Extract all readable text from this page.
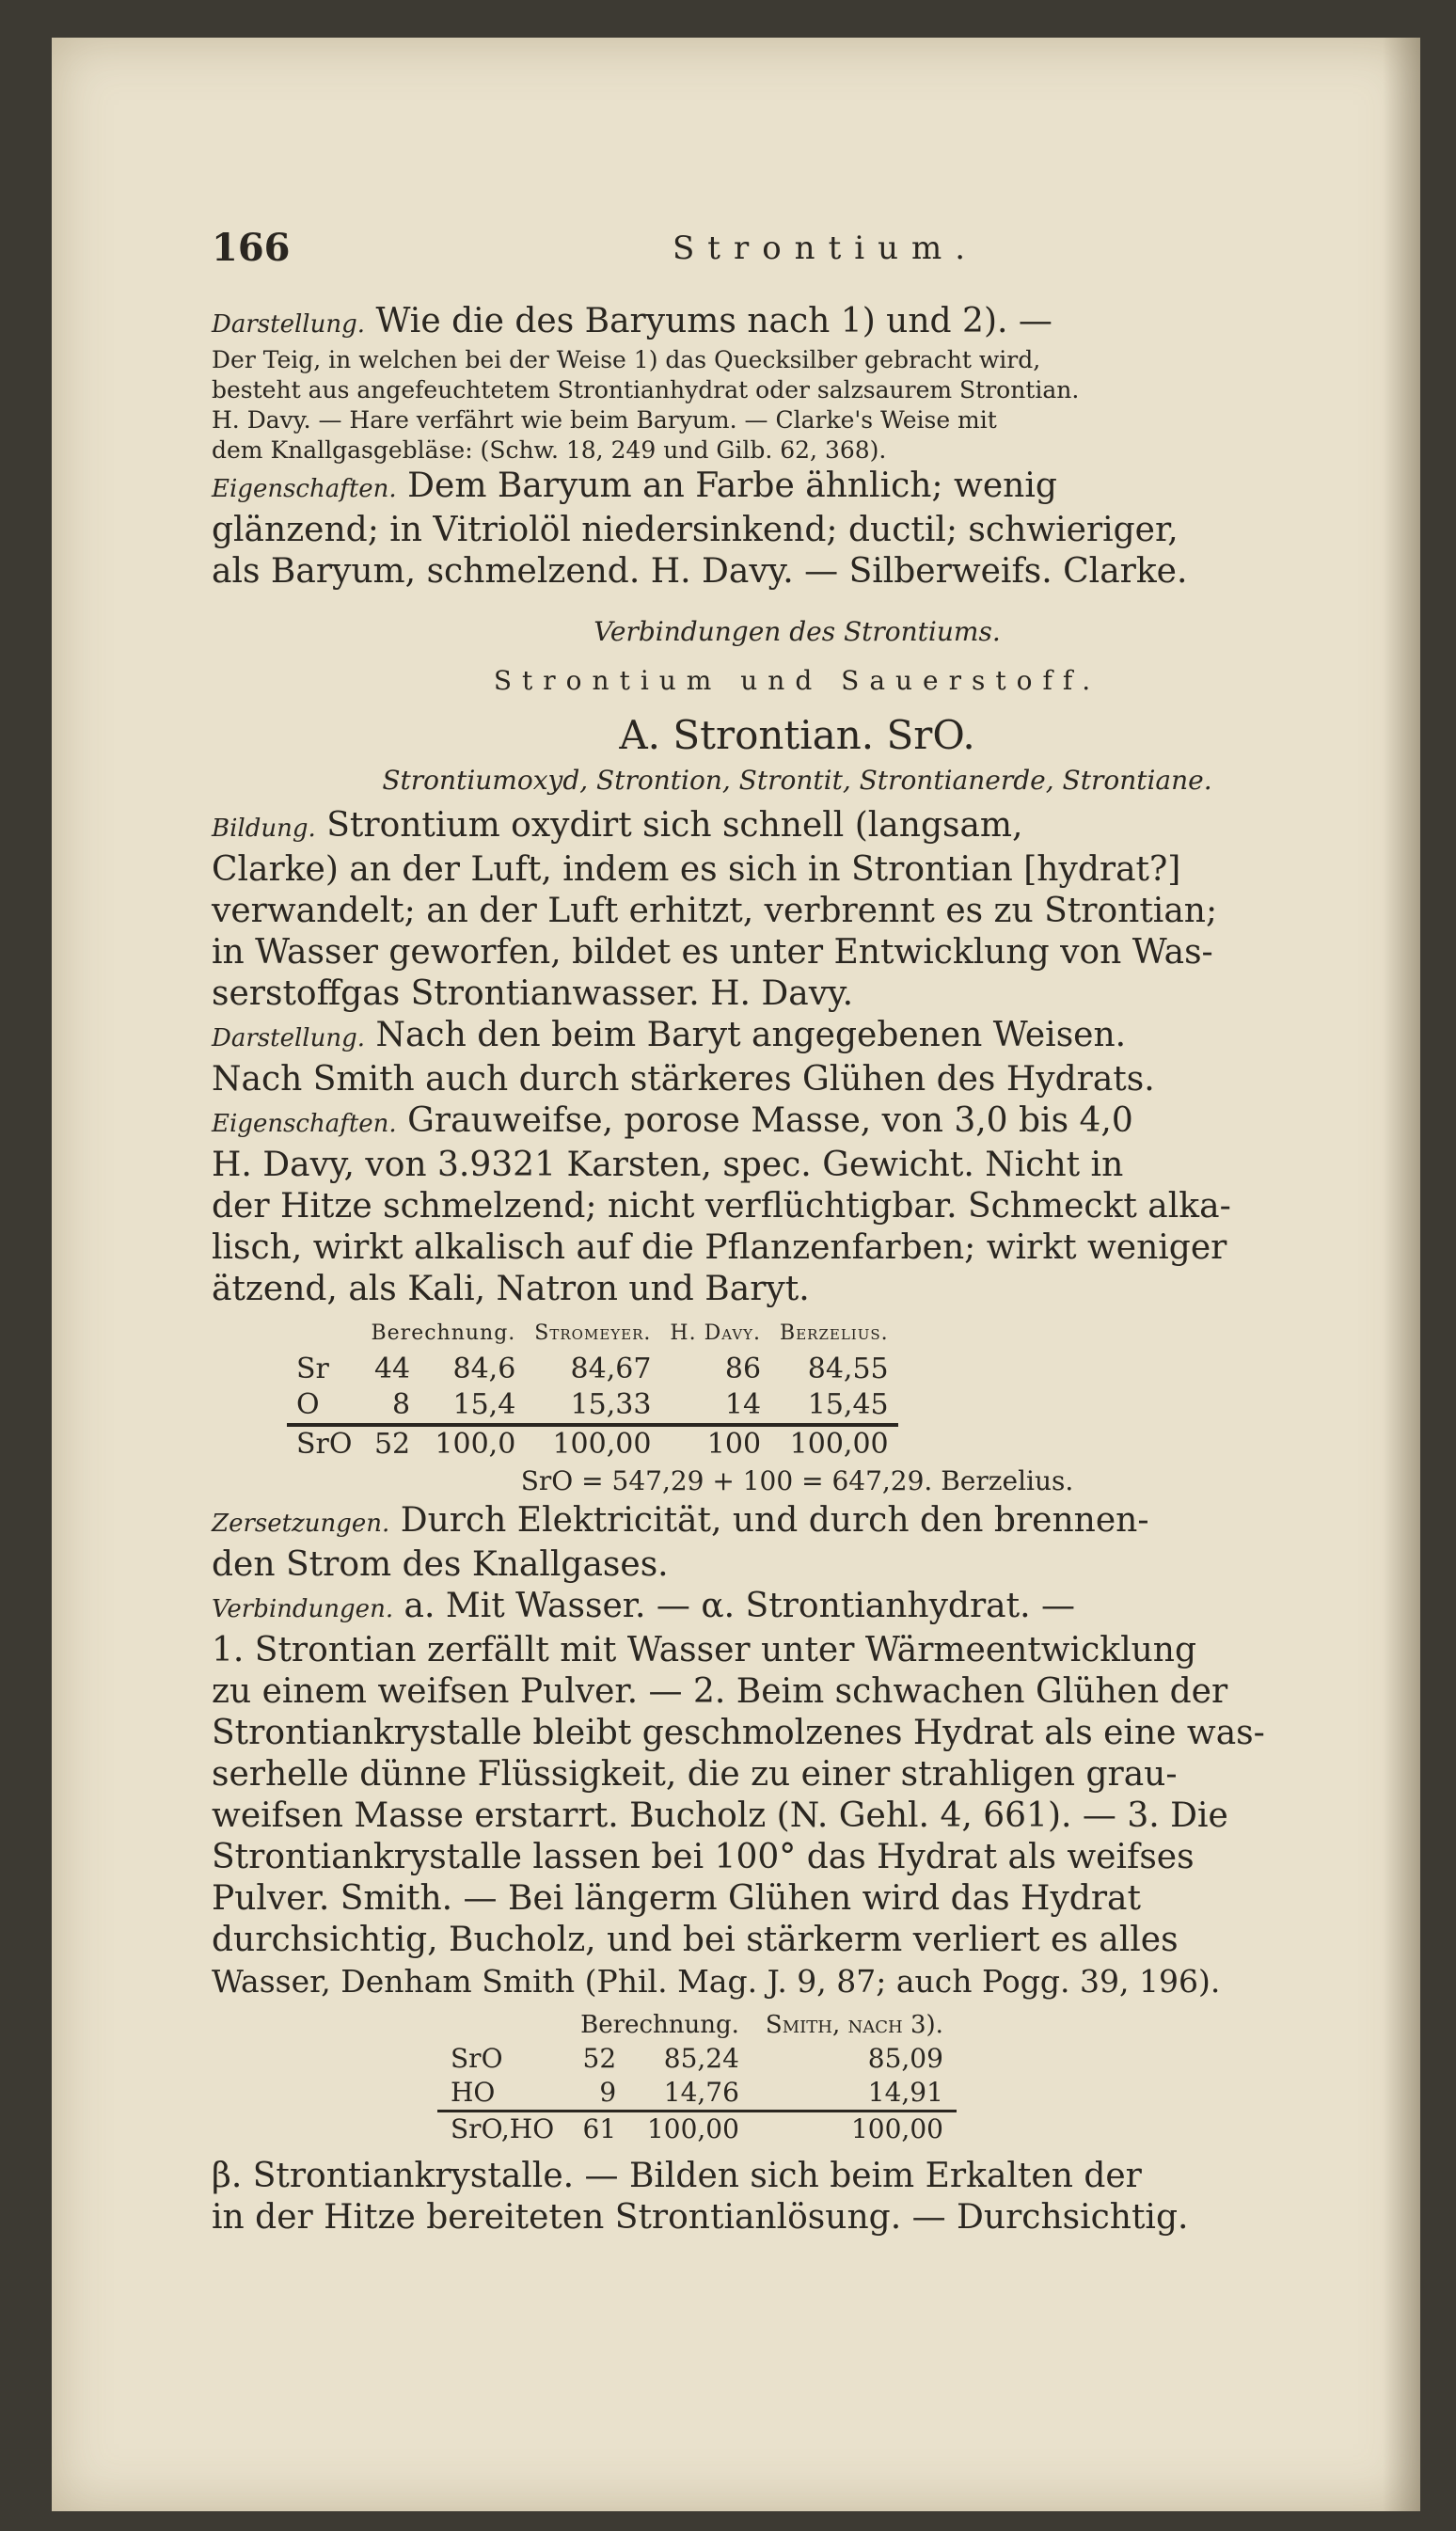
166	Strontium.
Darstellung. Wie die des Baryums nach 1) und 2). —
Der Teig, in welchen bei der Weise 1) das Quecksilber gebracht wird,
besteht aus angefeuchtetem Strontianhydrat oder salzsaurem Strontian.
H. Davy. — Hare verfährt wie beim Baryum. — Clarke's Weise mit
dem Knallgasgebläse: (Schw. 18, 249 und Gilb. 62, 368).
Eigenschaften. Dem Baryum an Farbe ähnlich; wenig
glänzend; in Vitriolöl niedersinkend; ductil; schwieriger,
als Baryum, schmelzend. H. Davy. — Silberweifs. Clarke.
Verbindungen des Strontiums.
Strontium und Sauerstoff.
A. Strontian. SrO.
Strontiumoxyd, Strontion, Strontit, Strontianerde, Strontiane.
Bildung. Strontium oxydirt sich schnell (langsam,
Clarke) an der Luft, indem es sich in Strontian [hydrat?]
verwandelt; an der Luft erhitzt, verbrennt es zu Strontian;
in Wasser geworfen, bildet es unter Entwicklung von Was-
serstoffgas Strontianwasser. H. Davy.
Darstellung. Nach den beim Baryt angegebenen Weisen.
Nach Smith auch durch stärkeres Glühen des Hydrats.
Eigenschaften. Grauweifse, porose Masse, von 3,0 bis 4,0
H. Davy, von 3.9321 Karsten, spec. Gewicht. Nicht in
der Hitze schmelzend; nicht verflüchtigbar. Schmeckt alka-
lisch, wirkt alkalisch auf die Pflanzenfarben; wirkt weniger
ätzend, als Kali, Natron und Baryt.
	Berechnung.		Stromeyer.	H. Davy.	Berzelius.
Sr	44	84,6	84,67	86	84,55
O	8	15,4	15,33	14	15,45
SrO	52	100,0	100,00	100	100,00
SrO = 547,29 + 100 = 647,29. Berzelius.
Zersetzungen. Durch Elektricität, und durch den brennen-
den Strom des Knallgases.
Verbindungen. a. Mit Wasser. — α. Strontianhydrat. —
1. Strontian zerfällt mit Wasser unter Wärmeentwicklung
zu einem weifsen Pulver. — 2. Beim schwachen Glühen der
Strontiankrystalle bleibt geschmolzenes Hydrat als eine was-
serhelle dünne Flüssigkeit, die zu einer strahligen grau-
weifsen Masse erstarrt. Bucholz (N. Gehl. 4, 661). — 3. Die
Strontiankrystalle lassen bei 100° das Hydrat als weifses
Pulver. Smith. — Bei längerm Glühen wird das Hydrat
durchsichtig, Bucholz, und bei stärkerm verliert es alles
Wasser, Denham Smith (Phil. Mag. J. 9, 87; auch Pogg. 39, 196).
	Berechnung.		Smith, nach 3).
SrO	52	85,24	85,09
HO	9	14,76	14,91
SrO,HO	61	100,00	100,00
β. Strontiankrystalle. — Bilden sich beim Erkalten der
in der Hitze bereiteten Strontianlösung. — Durchsichtig.
